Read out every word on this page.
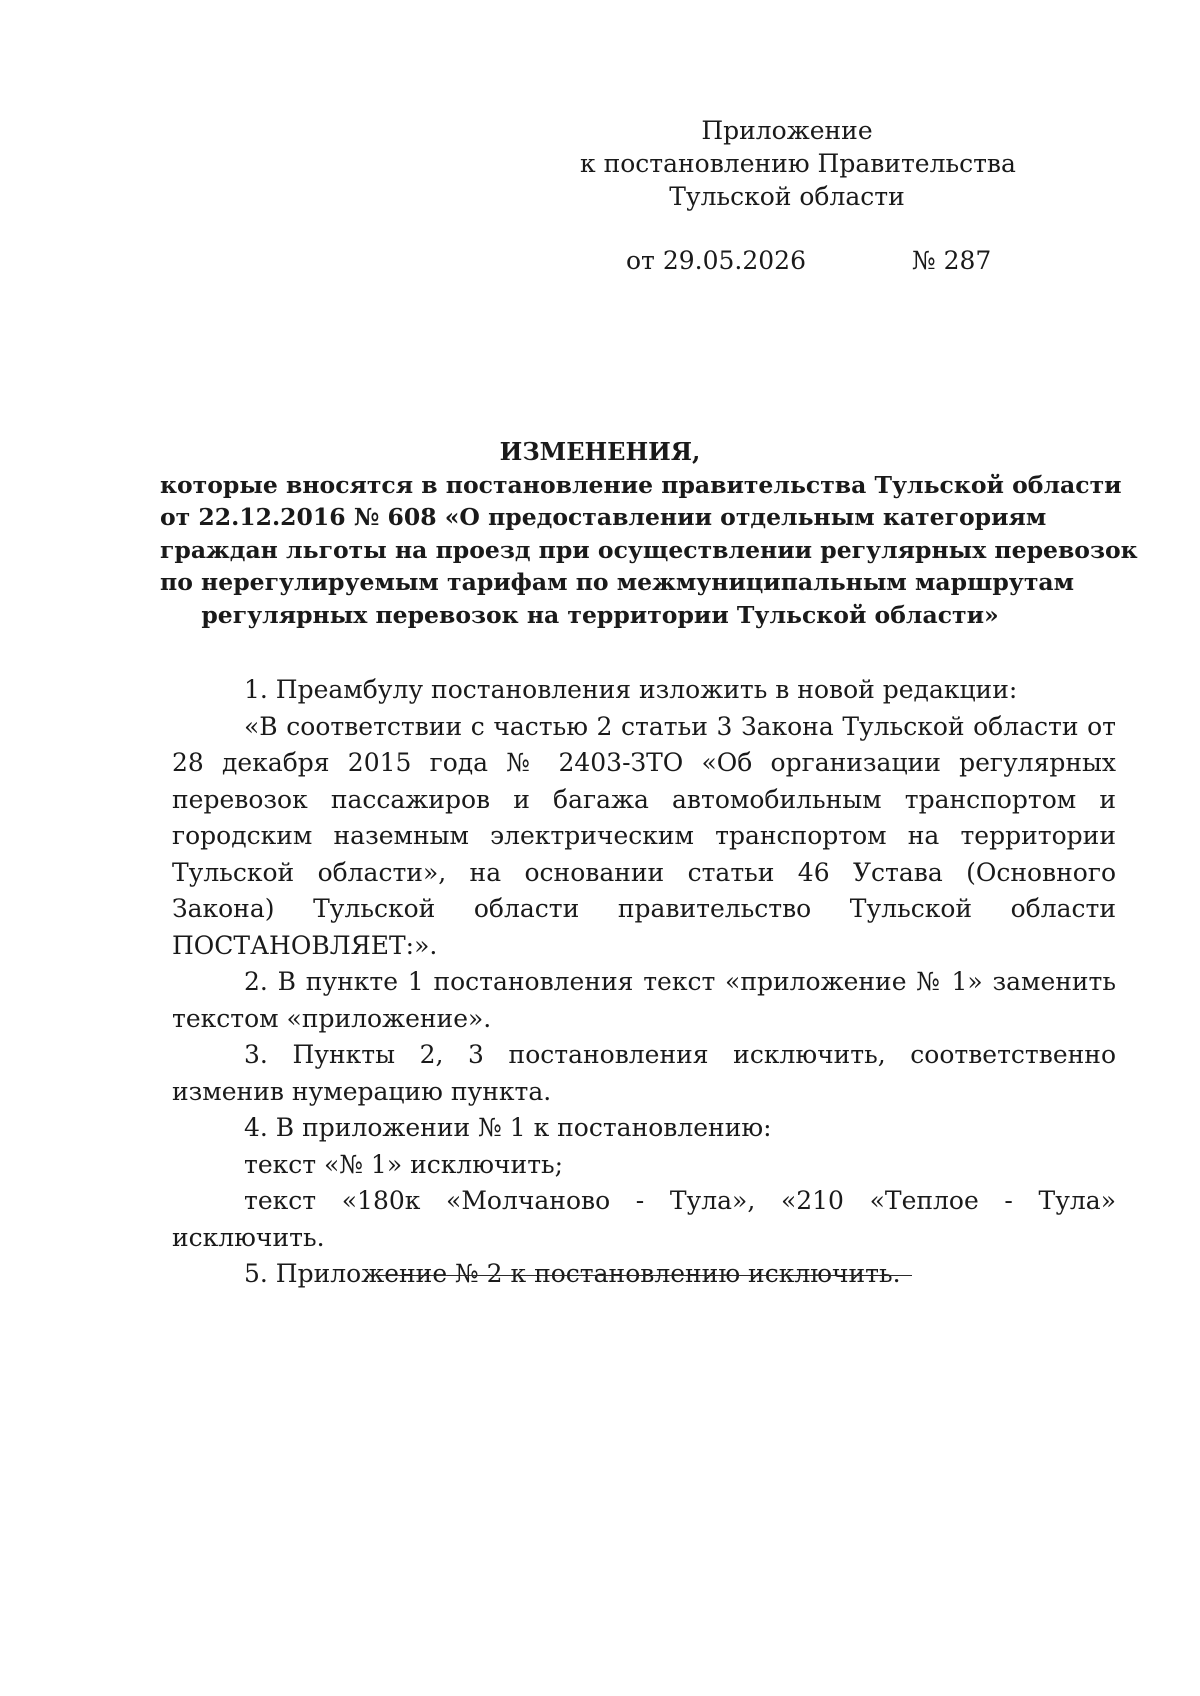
Приложение
к постановлению Правительства
Тульской области
от 29.05.2026	№ 287
ИЗМЕНЕНИЯ,
которые вносятся в постановление правительства Тульской области
от 22.12.2016 № 608 «О предоставлении отдельным категориям
граждан льготы на проезд при осуществлении регулярных перевозок
по нерегулируемым тарифам по межмуниципальным маршрутам
регулярных перевозок на территории Тульской области»

1. Преамбулу постановления изложить в новой редакции:

«В соответствии с частью 2 статьи 3 Закона Тульской области от 28 декабря 2015 года № 2403-ЗТО «Об организации регулярных перевозок пассажиров и багажа автомобильным транспортом и городским наземным электрическим транспортом на территории Тульской области», на основании статьи 46 Устава (Основного Закона) Тульской области правительство Тульской области ПОСТАНОВЛЯЕТ:».

2. В пункте 1 постановления текст «приложение № 1» заменить текстом «приложение».

3. Пункты 2, 3 постановления исключить, соответственно изменив нумерацию пункта.

4. В приложении № 1 к постановлению:

текст «№ 1» исключить;

текст «180к «Молчаново - Тула», «210 «Теплое - Тула» исключить.

5. Приложение № 2 к постановлению исключить.
